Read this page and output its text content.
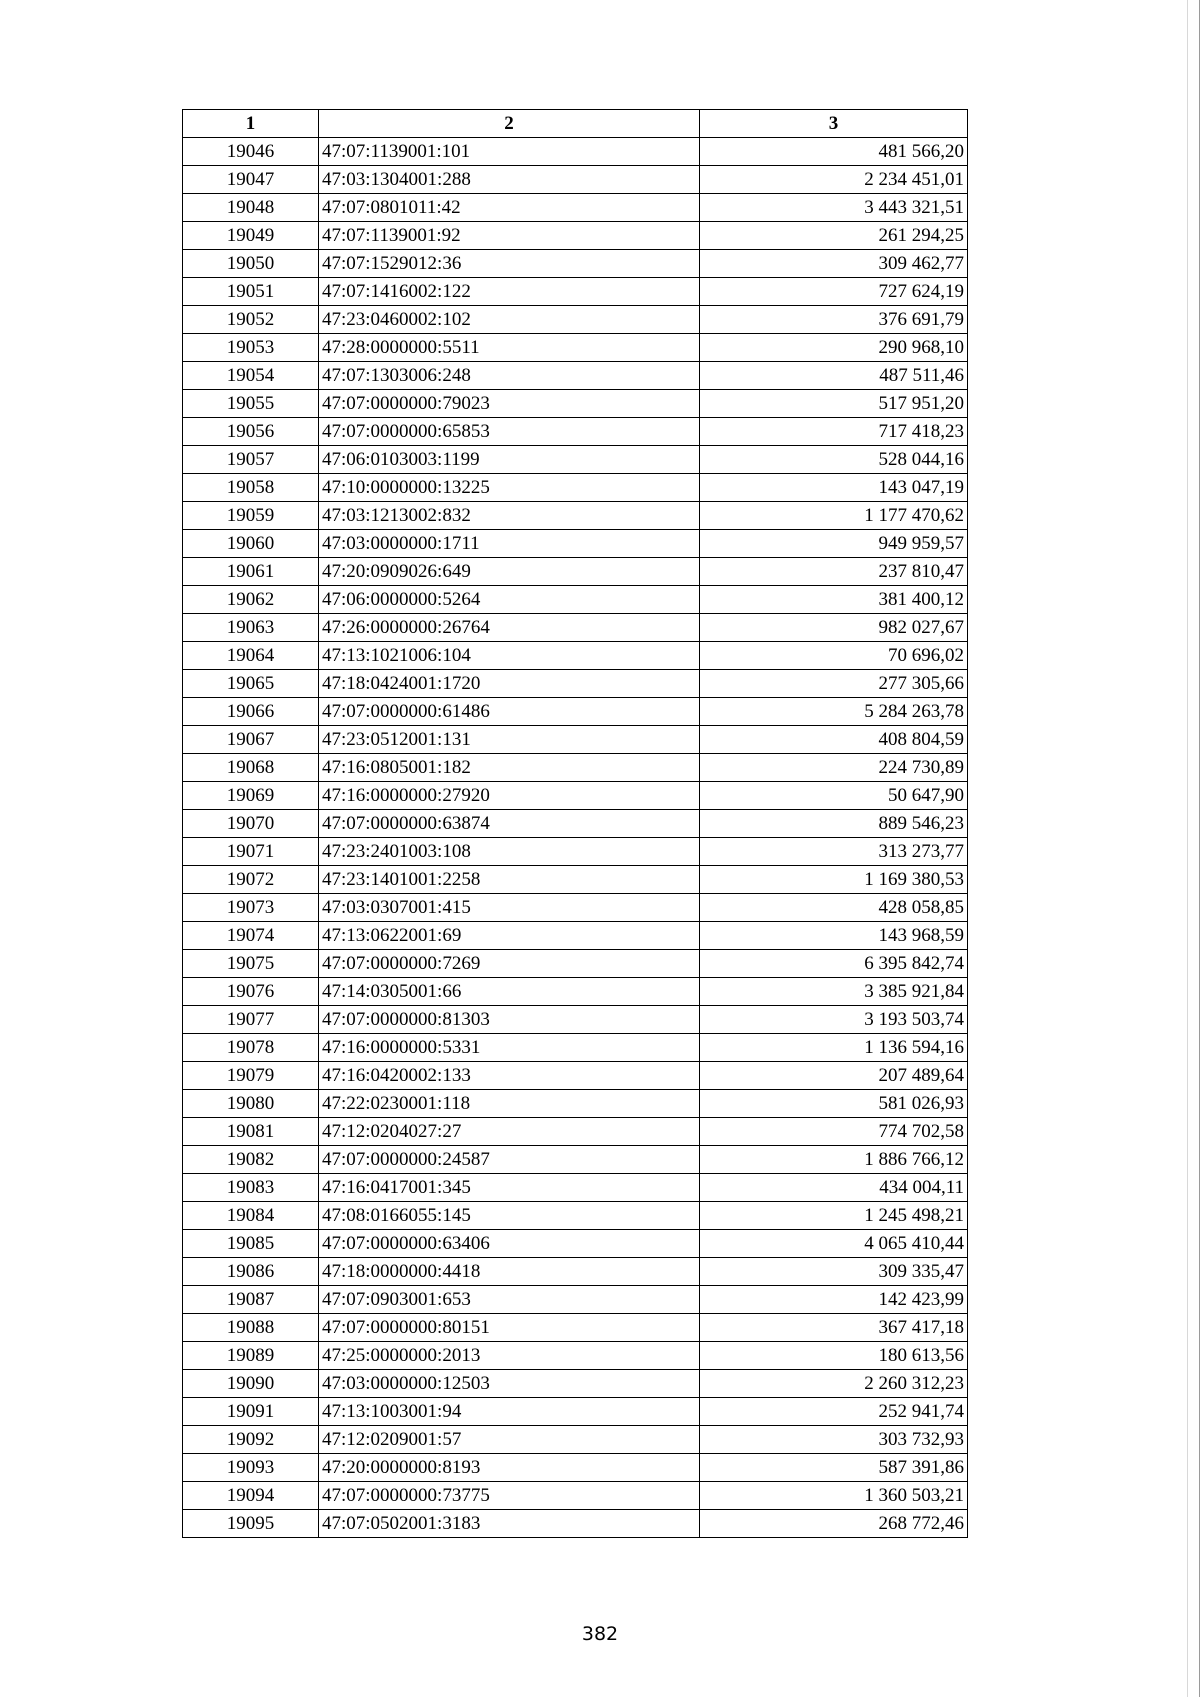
1	2	3
19046	47:07:1139001:101	481 566,20
19047	47:03:1304001:288	2 234 451,01
19048	47:07:0801011:42	3 443 321,51
19049	47:07:1139001:92	261 294,25
19050	47:07:1529012:36	309 462,77
19051	47:07:1416002:122	727 624,19
19052	47:23:0460002:102	376 691,79
19053	47:28:0000000:5511	290 968,10
19054	47:07:1303006:248	487 511,46
19055	47:07:0000000:79023	517 951,20
19056	47:07:0000000:65853	717 418,23
19057	47:06:0103003:1199	528 044,16
19058	47:10:0000000:13225	143 047,19
19059	47:03:1213002:832	1 177 470,62
19060	47:03:0000000:1711	949 959,57
19061	47:20:0909026:649	237 810,47
19062	47:06:0000000:5264	381 400,12
19063	47:26:0000000:26764	982 027,67
19064	47:13:1021006:104	70 696,02
19065	47:18:0424001:1720	277 305,66
19066	47:07:0000000:61486	5 284 263,78
19067	47:23:0512001:131	408 804,59
19068	47:16:0805001:182	224 730,89
19069	47:16:0000000:27920	50 647,90
19070	47:07:0000000:63874	889 546,23
19071	47:23:2401003:108	313 273,77
19072	47:23:1401001:2258	1 169 380,53
19073	47:03:0307001:415	428 058,85
19074	47:13:0622001:69	143 968,59
19075	47:07:0000000:7269	6 395 842,74
19076	47:14:0305001:66	3 385 921,84
19077	47:07:0000000:81303	3 193 503,74
19078	47:16:0000000:5331	1 136 594,16
19079	47:16:0420002:133	207 489,64
19080	47:22:0230001:118	581 026,93
19081	47:12:0204027:27	774 702,58
19082	47:07:0000000:24587	1 886 766,12
19083	47:16:0417001:345	434 004,11
19084	47:08:0166055:145	1 245 498,21
19085	47:07:0000000:63406	4 065 410,44
19086	47:18:0000000:4418	309 335,47
19087	47:07:0903001:653	142 423,99
19088	47:07:0000000:80151	367 417,18
19089	47:25:0000000:2013	180 613,56
19090	47:03:0000000:12503	2 260 312,23
19091	47:13:1003001:94	252 941,74
19092	47:12:0209001:57	303 732,93
19093	47:20:0000000:8193	587 391,86
19094	47:07:0000000:73775	1 360 503,21
19095	47:07:0502001:3183	268 772,46
382
